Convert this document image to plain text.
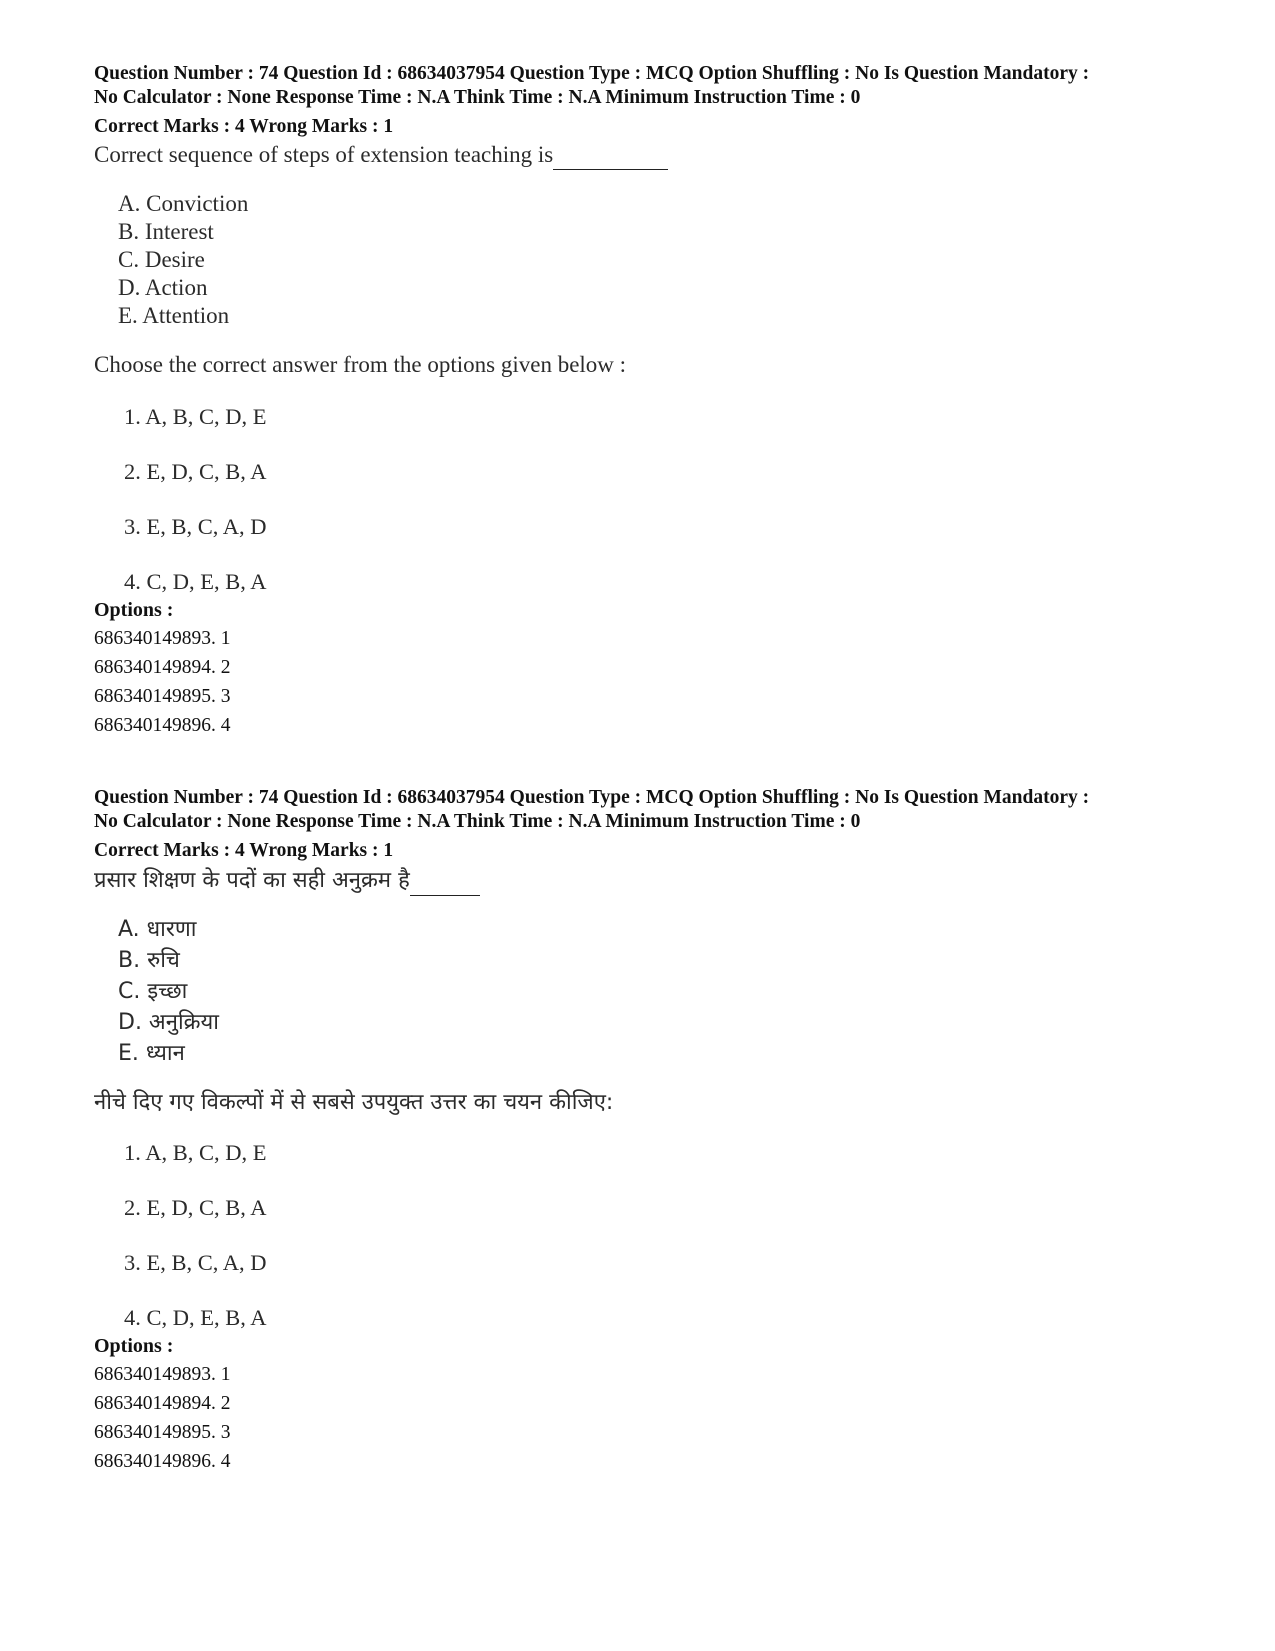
Question Number : 74 Question Id : 68634037954 Question Type : MCQ Option Shuffling : No Is Question Mandatory :

No Calculator : None Response Time : N.A Think Time : N.A Minimum Instruction Time : 0

Correct Marks : 4 Wrong Marks : 1

Correct sequence of steps of extension teaching is

A. Conviction
B. Interest
C. Desire
D. Action
E. Attention

Choose the correct answer from the options given below :

1. A, B, C, D, E
2. E, D, C, B, A
3. E, B, C, A, D
4. C, D, E, B, A

Options :

686340149893. 1
686340149894. 2
686340149895. 3
686340149896. 4

Question Number : 74 Question Id : 68634037954 Question Type : MCQ Option Shuffling : No Is Question Mandatory :

No Calculator : None Response Time : N.A Think Time : N.A Minimum Instruction Time : 0

Correct Marks : 4 Wrong Marks : 1

प्रसार शिक्षण के पदों का सही अनुक्रम है

A. धारणा
B. रुचि
C. इच्छा
D. अनुक्रिया
E. ध्यान

नीचे दिए गए विकल्पों में से सबसे उपयुक्त उत्तर का चयन कीजिए:

1. A, B, C, D, E
2. E, D, C, B, A
3. E, B, C, A, D
4. C, D, E, B, A

Options :

686340149893. 1
686340149894. 2
686340149895. 3
686340149896. 4
